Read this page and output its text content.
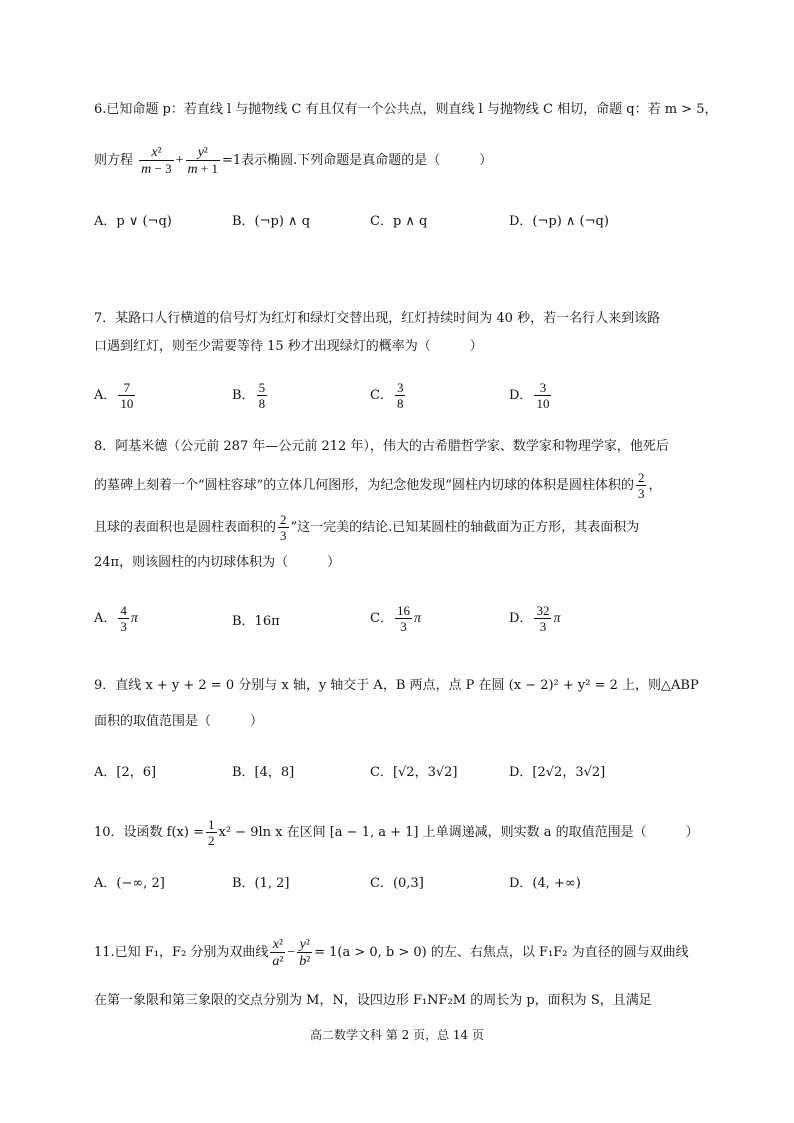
6.已知命题 p：若直线 l 与抛物线 C 有且仅有一个公共点，则直线 l 与抛物线 C 相切，命题 q：若 m > 5，
则方程 $\frac{\text{x²}}{m - 3} + \frac{\text{y²}}{m + 1} =1$表示椭圆.下列命题是真命题的是（　　　）
A．p ∨ (¬q)	B．(¬p) ∧ q	C．p ∧ q	D．(¬p) ∧ (¬q)
7．某路口人行横道的信号灯为红灯和绿灯交替出现，红灯持续时间为 40 秒，若一名行人来到该路
口遇到红灯，则至少需要等待 15 秒才出现绿灯的概率为（　　　）
A． $\frac{7}{10}$	B． $\frac{5}{8}$	C． $\frac{3}{8}$	D． $\frac{3}{10}$
8．阿基米德（公元前 287 年—公元前 212 年），伟大的古希腊哲学家、数学家和物理学家，他死后
的墓碑上刻着一个“圆柱容球”的立体几何图形，为纪念他发现“圆柱内切球的体积是圆柱体积的 $\frac{2}{3}$ ，
且球的表面积也是圆柱表面积的 $\frac{2}{3}$ ”这一完美的结论.已知某圆柱的轴截面为正方形，其表面积为
24π，则该圆柱的内切球体积为（　　　）
A． $\frac{4}{3}$ π	B．16π	C． $\frac{16}{3}$ π	D． $\frac{32}{3}$ π
9．直线 x + y + 2 = 0 分别与 x 轴，y 轴交于 A，B 两点，点 P 在圆 (x − 2)² + y² = 2 上，则△ABP
面积的取值范围是（　　　）
A．[2，6]	B．[4，8]	C．[√2，3√2]	D．[2√2，3√2]
10．设函数 $f(x) = \frac{1}{2} x^2 - 9\ln$ x 在区间 [a − 1, a + 1] 上单调递减，则实数 a 的取值范围是（　　　）
A．(−∞, 2]	B．(1, 2]	C．(0,3]	D．(4, +∞)
11.已知 F₁，F₂ 分别为双曲线 $\frac{\text{x²}}{\text{a²}} - \frac{\text{y²}}{\text{b²}} = 1(a > 0$, b > 0) 的左、右焦点，以 F₁F₂ 为直径的圆与双曲线
在第一象限和第三象限的交点分别为 M，N，设四边形 F₁NF₂M 的周长为 p，面积为 S，且满足
高二数学文科 第 2 页，总 14 页
